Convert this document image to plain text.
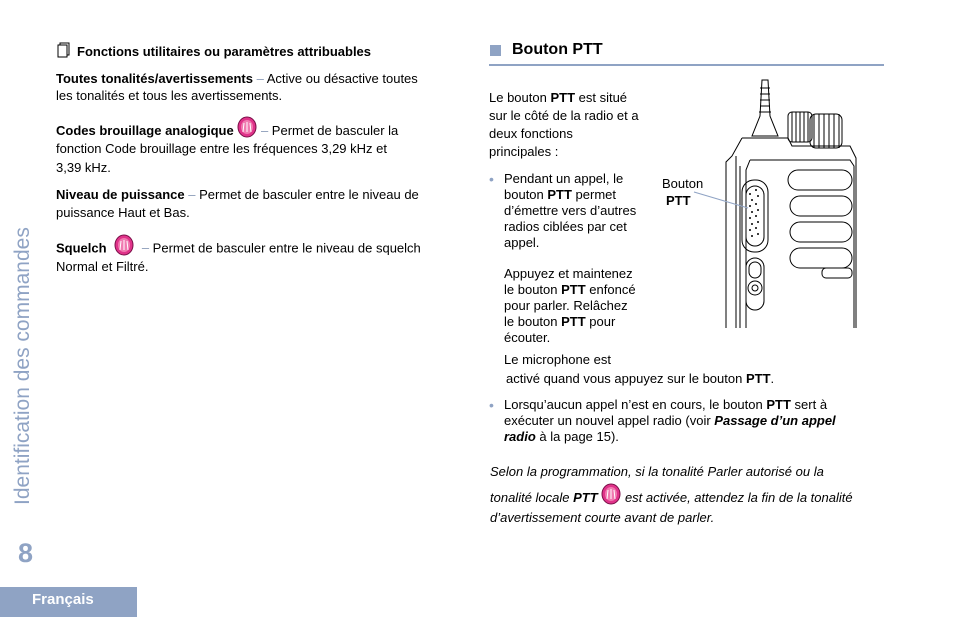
Identification des commandes
8
Français
Fonctions utilitaires ou paramètres attribuables
Toutes tonalités/avertissements – Active ou désactive toutes
les tonalités et tous les avertissements.
Codes brouillage analogique – Permet de basculer la
fonction Code brouillage entre les fréquences 3,29 kHz et
3,39 kHz.
Niveau de puissance – Permet de basculer entre le niveau de
puissance Haut et Bas.
Squelch	– Permet de basculer entre le niveau de squelch
Normal et Filtré.
Bouton PTT
Le bouton PTT est situé
sur le côté de la radio et a
deux fonctions
principales :
• Pendant un appel, le
bouton PTT permet
d’émettre vers d’autres
radios ciblées par cet
appel.
Appuyez et maintenez
le bouton PTT enfoncé
pour parler. Relâchez
le bouton PTT pour
écouter.
Le microphone est
activé quand vous appuyez sur le bouton PTT.
• Lorsqu’aucun appel n’est en cours, le bouton PTT sert à
exécuter un nouvel appel radio (voir Passage d’un appel
radio à la page 15).
Selon la programmation, si la tonalité Parler autorisé ou la
tonalité locale PTT est activée, attendez la fin de la tonalité
d’avertissement courte avant de parler.
Bouton
PTT
